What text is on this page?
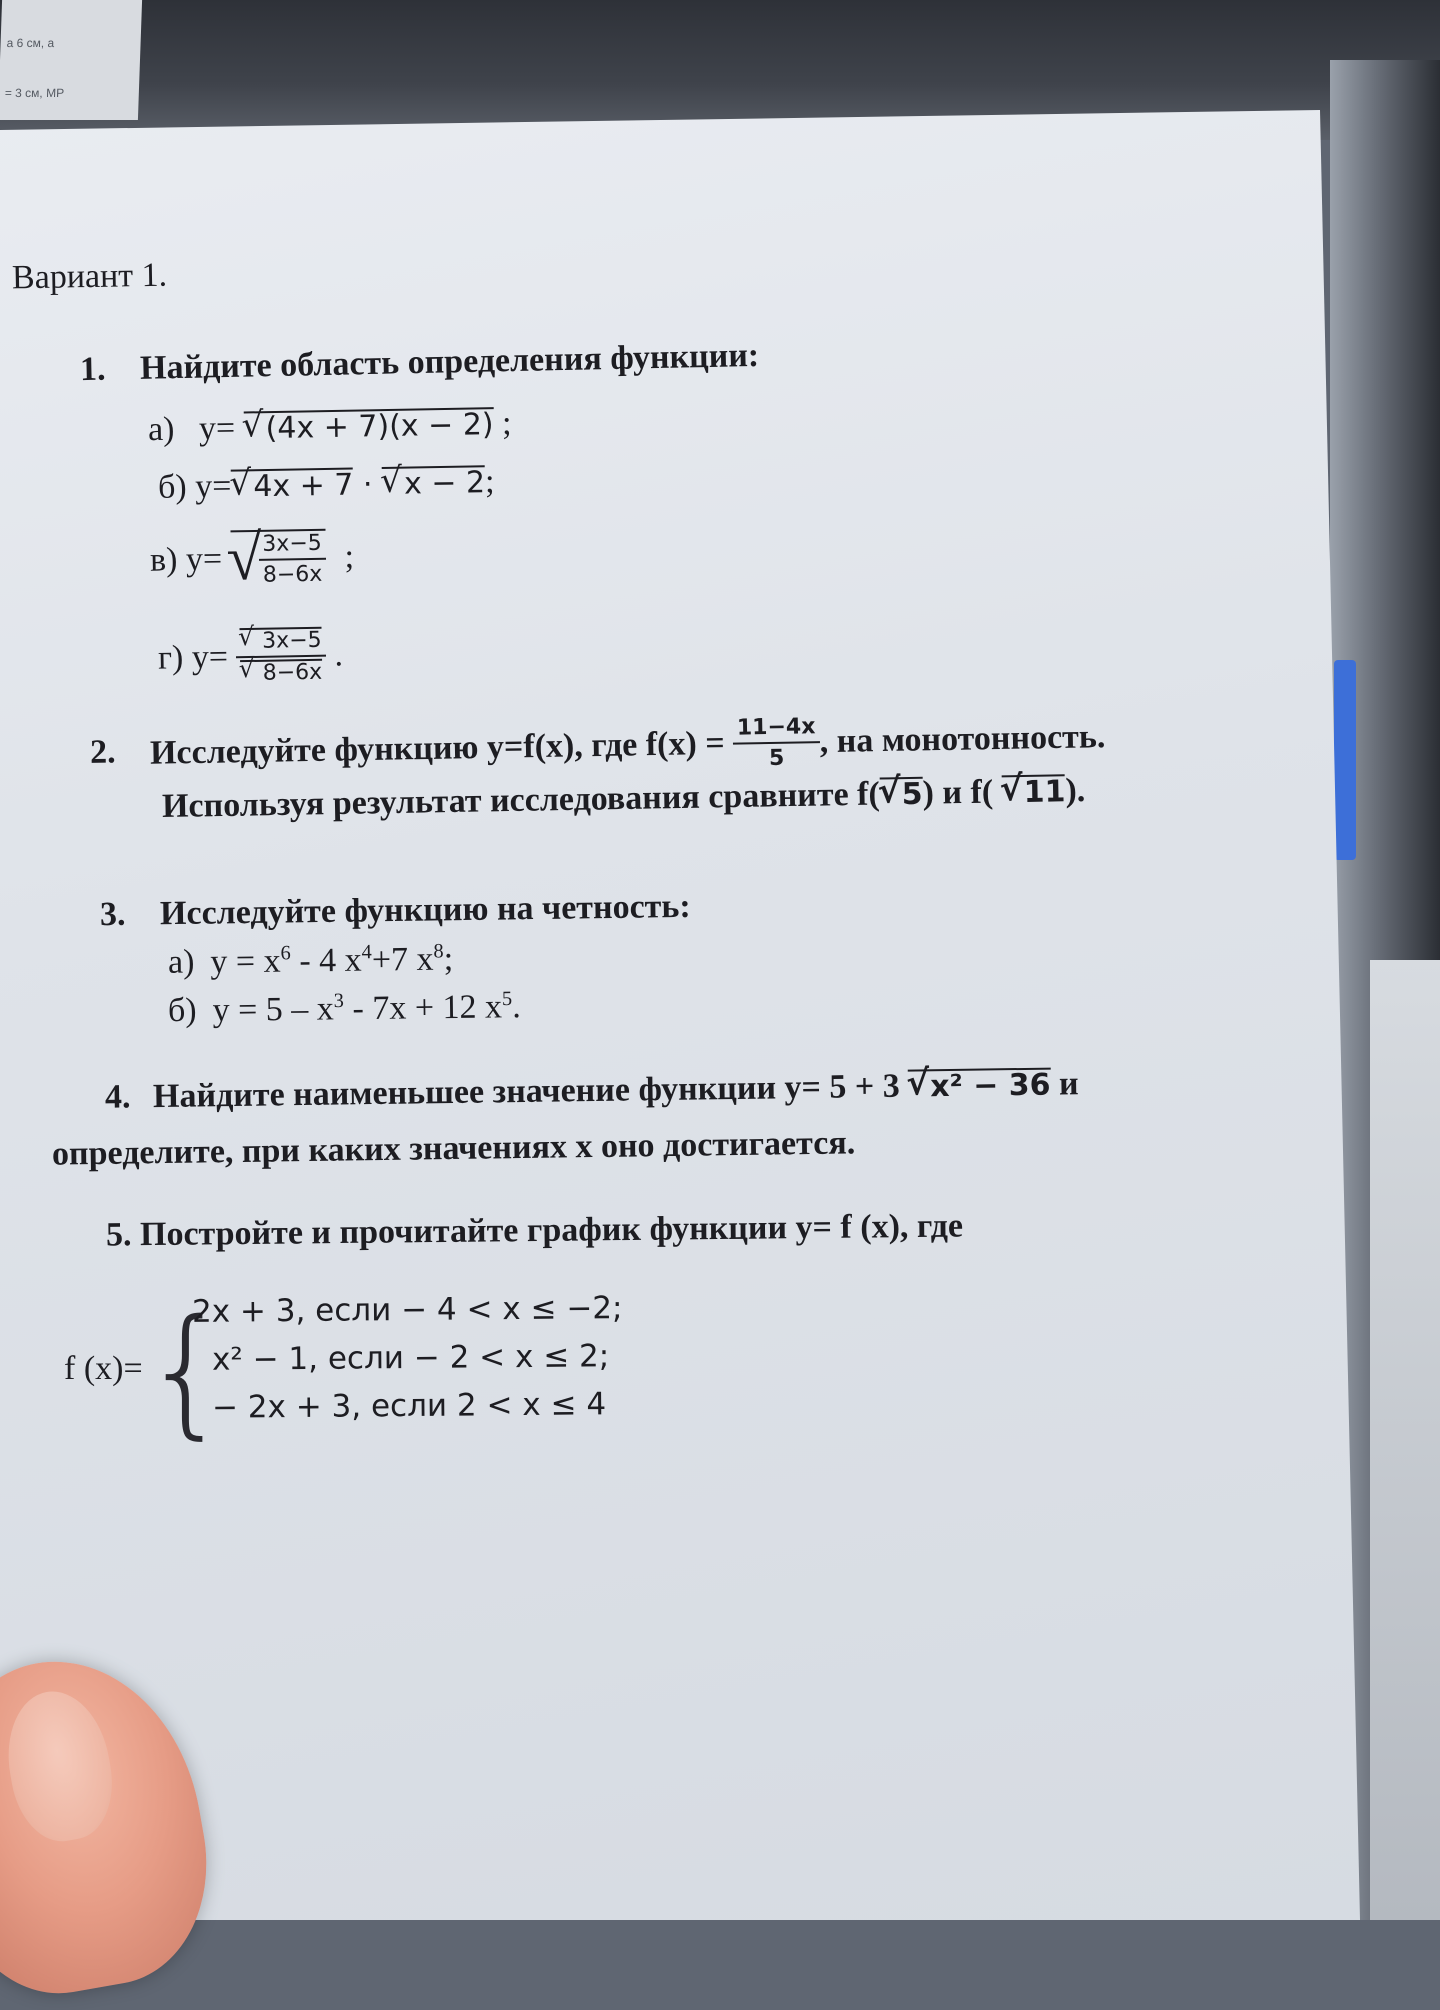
a 6 см, a
= 3 см, MP
Вариант 1.
1. Найдите область определения функции:
а) y= √ (4x + 7)(x − 2) ;
б) y= √ 4x + 7 · √ x − 2;
в) y= √ $\frac{3x-5}{8-6x}$ ;
г) y= √ 3x−5
√ 8−6x .
2. Исследуйте функцию y=f(x), где $f(x) = \frac{11-4x}{5}$ , на монотонность.
Используя результат исследования сравните f( √ 5) и f( √ 11).
3. Исследуйте функцию на четность:
а) $y = x^6 - 4$ $x^4+7$ $x^8$;
б) $y = 5 - x^3 - 7x + 12$ $x^5$.
4. Найдите наименьшее значение функции y= 5 + 3 √ x² − 36 и
определите, при каких значениях x оно достигается.
5. Постройте и прочитайте график функции y= f (x), где
f (x)= {
2x + 3, если − 4 < x ≤ −2;
x² − 1, если − 2 < x ≤ 2;
− 2x + 3, если 2 < x ≤ 4
